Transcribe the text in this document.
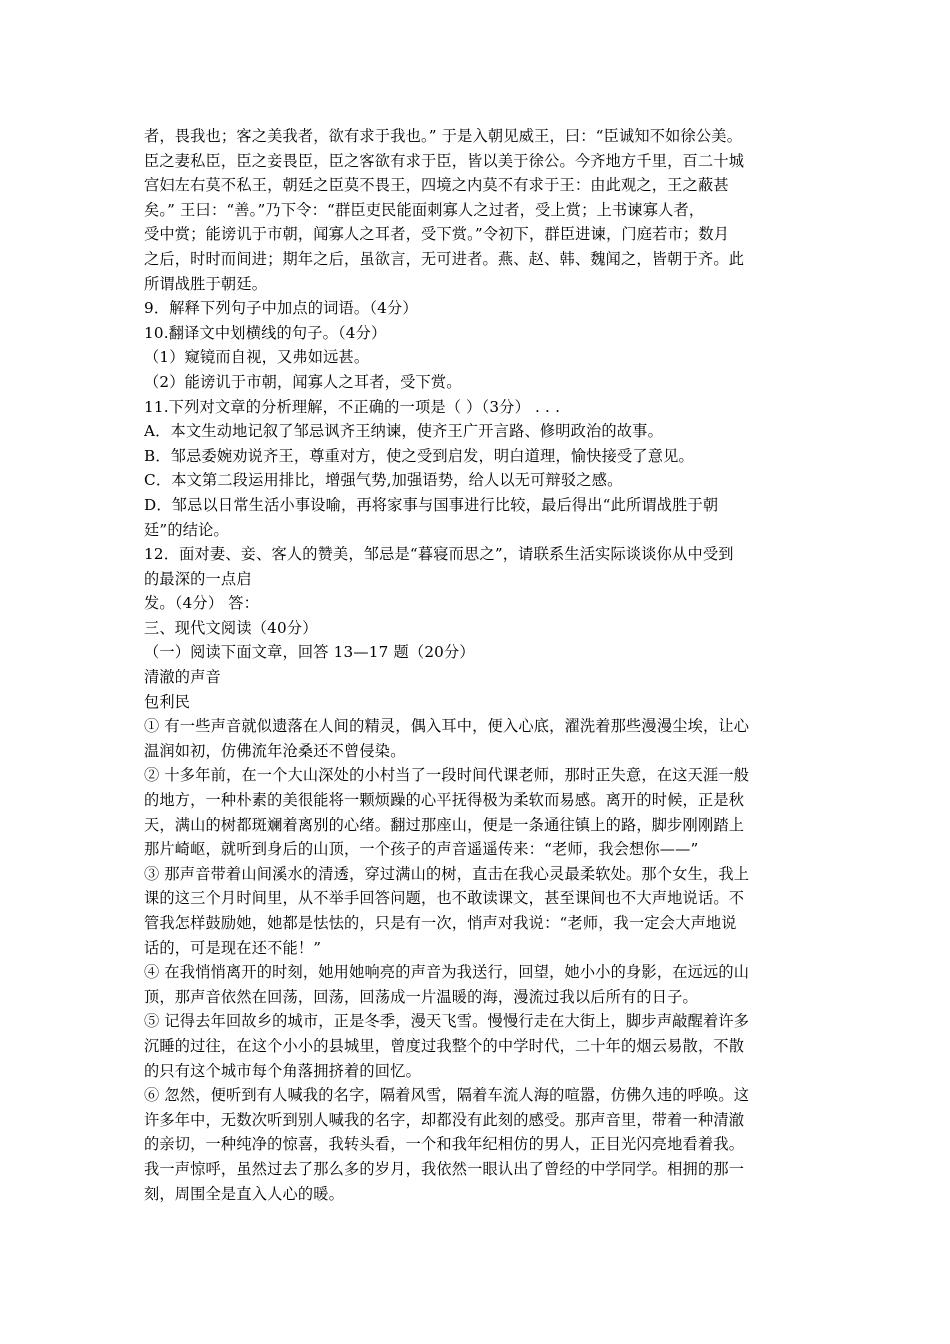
者，畏我也；客之美我者，欲有求于我也。” 于是入朝见威王，曰：“臣诚知不如徐公美。
臣之妻私臣，臣之妾畏臣，臣之客欲有求于臣，皆以美于徐公。今齐地方千里，百二十城
宫妇左右莫不私王，朝廷之臣莫不畏王，四境之内莫不有求于王：由此观之，王之蔽甚
矣。” 王曰：“善。”乃下令：“群臣吏民能面刺寡人之过者，受上赏；上书谏寡人者，
受中赏；能谤讥于市朝，闻寡人之耳者，受下赏。”令初下，群臣进谏，门庭若市；数月
之后，时时而间进；期年之后，虽欲言，无可进者。燕、赵、韩、魏闻之，皆朝于齐。此
所谓战胜于朝廷。
9．解释下列句子中加点的词语。（4分）
10.翻译文中划横线的句子。（4分）
（1）窥镜而自视，又弗如远甚。
（2）能谤讥于市朝，闻寡人之耳者，受下赏。
11.下列对文章的分析理解，不正确的一项是（ ）（3分） . . .
A．本文生动地记叙了邹忌讽齐王纳谏，使齐王广开言路、修明政治的故事。
B．邹忌委婉劝说齐王，尊重对方，使之受到启发，明白道理，愉快接受了意见。
C．本文第二段运用排比，增强气势,加强语势，给人以无可辩驳之感。
D．邹忌以日常生活小事设喻，再将家事与国事进行比较，最后得出“此所谓战胜于朝
廷”的结论。
12．面对妻、妾、客人的赞美，邹忌是“暮寝而思之”，请联系生活实际谈谈你从中受到
的最深的一点启
发。（4分） 答：
三、现代文阅读（40分）
（一）阅读下面文章，回答 13—17 题（20分）
清澈的声音
包利民
① 有一些声音就似遗落在人间的精灵，偶入耳中，便入心底，濯洗着那些漫漫尘埃，让心
温润如初，仿佛流年沧桑还不曾侵染。
② 十多年前，在一个大山深处的小村当了一段时间代课老师，那时正失意，在这天涯一般
的地方，一种朴素的美很能将一颗烦躁的心平抚得极为柔软而易感。离开的时候，正是秋
天，满山的树都斑斓着离别的心绪。翻过那座山，便是一条通往镇上的路，脚步刚刚踏上
那片崎岖，就听到身后的山顶，一个孩子的声音遥遥传来：“老师，我会想你——”
③ 那声音带着山间溪水的清透，穿过满山的树，直击在我心灵最柔软处。那个女生，我上
课的这三个月时间里，从不举手回答问题，也不敢读课文，甚至课间也不大声地说话。不
管我怎样鼓励她，她都是怯怯的，只是有一次，悄声对我说：“老师，我一定会大声地说
话的，可是现在还不能！”
④ 在我悄悄离开的时刻，她用她响亮的声音为我送行，回望，她小小的身影，在远远的山
顶，那声音依然在回荡，回荡，回荡成一片温暖的海，漫流过我以后所有的日子。
⑤ 记得去年回故乡的城市，正是冬季，漫天飞雪。慢慢行走在大街上，脚步声敲醒着许多
沉睡的过往，在这个小小的县城里，曾度过我整个的中学时代，二十年的烟云易散，不散
的只有这个城市每个角落拥挤着的回忆。
⑥ 忽然，便听到有人喊我的名字，隔着风雪，隔着车流人海的喧嚣，仿佛久违的呼唤。这
许多年中，无数次听到别人喊我的名字，却都没有此刻的感受。那声音里，带着一种清澈
的亲切，一种纯净的惊喜，我转头看，一个和我年纪相仿的男人，正目光闪亮地看着我。
我一声惊呼，虽然过去了那么多的岁月，我依然一眼认出了曾经的中学同学。相拥的那一
刻，周围全是直入人心的暖。
